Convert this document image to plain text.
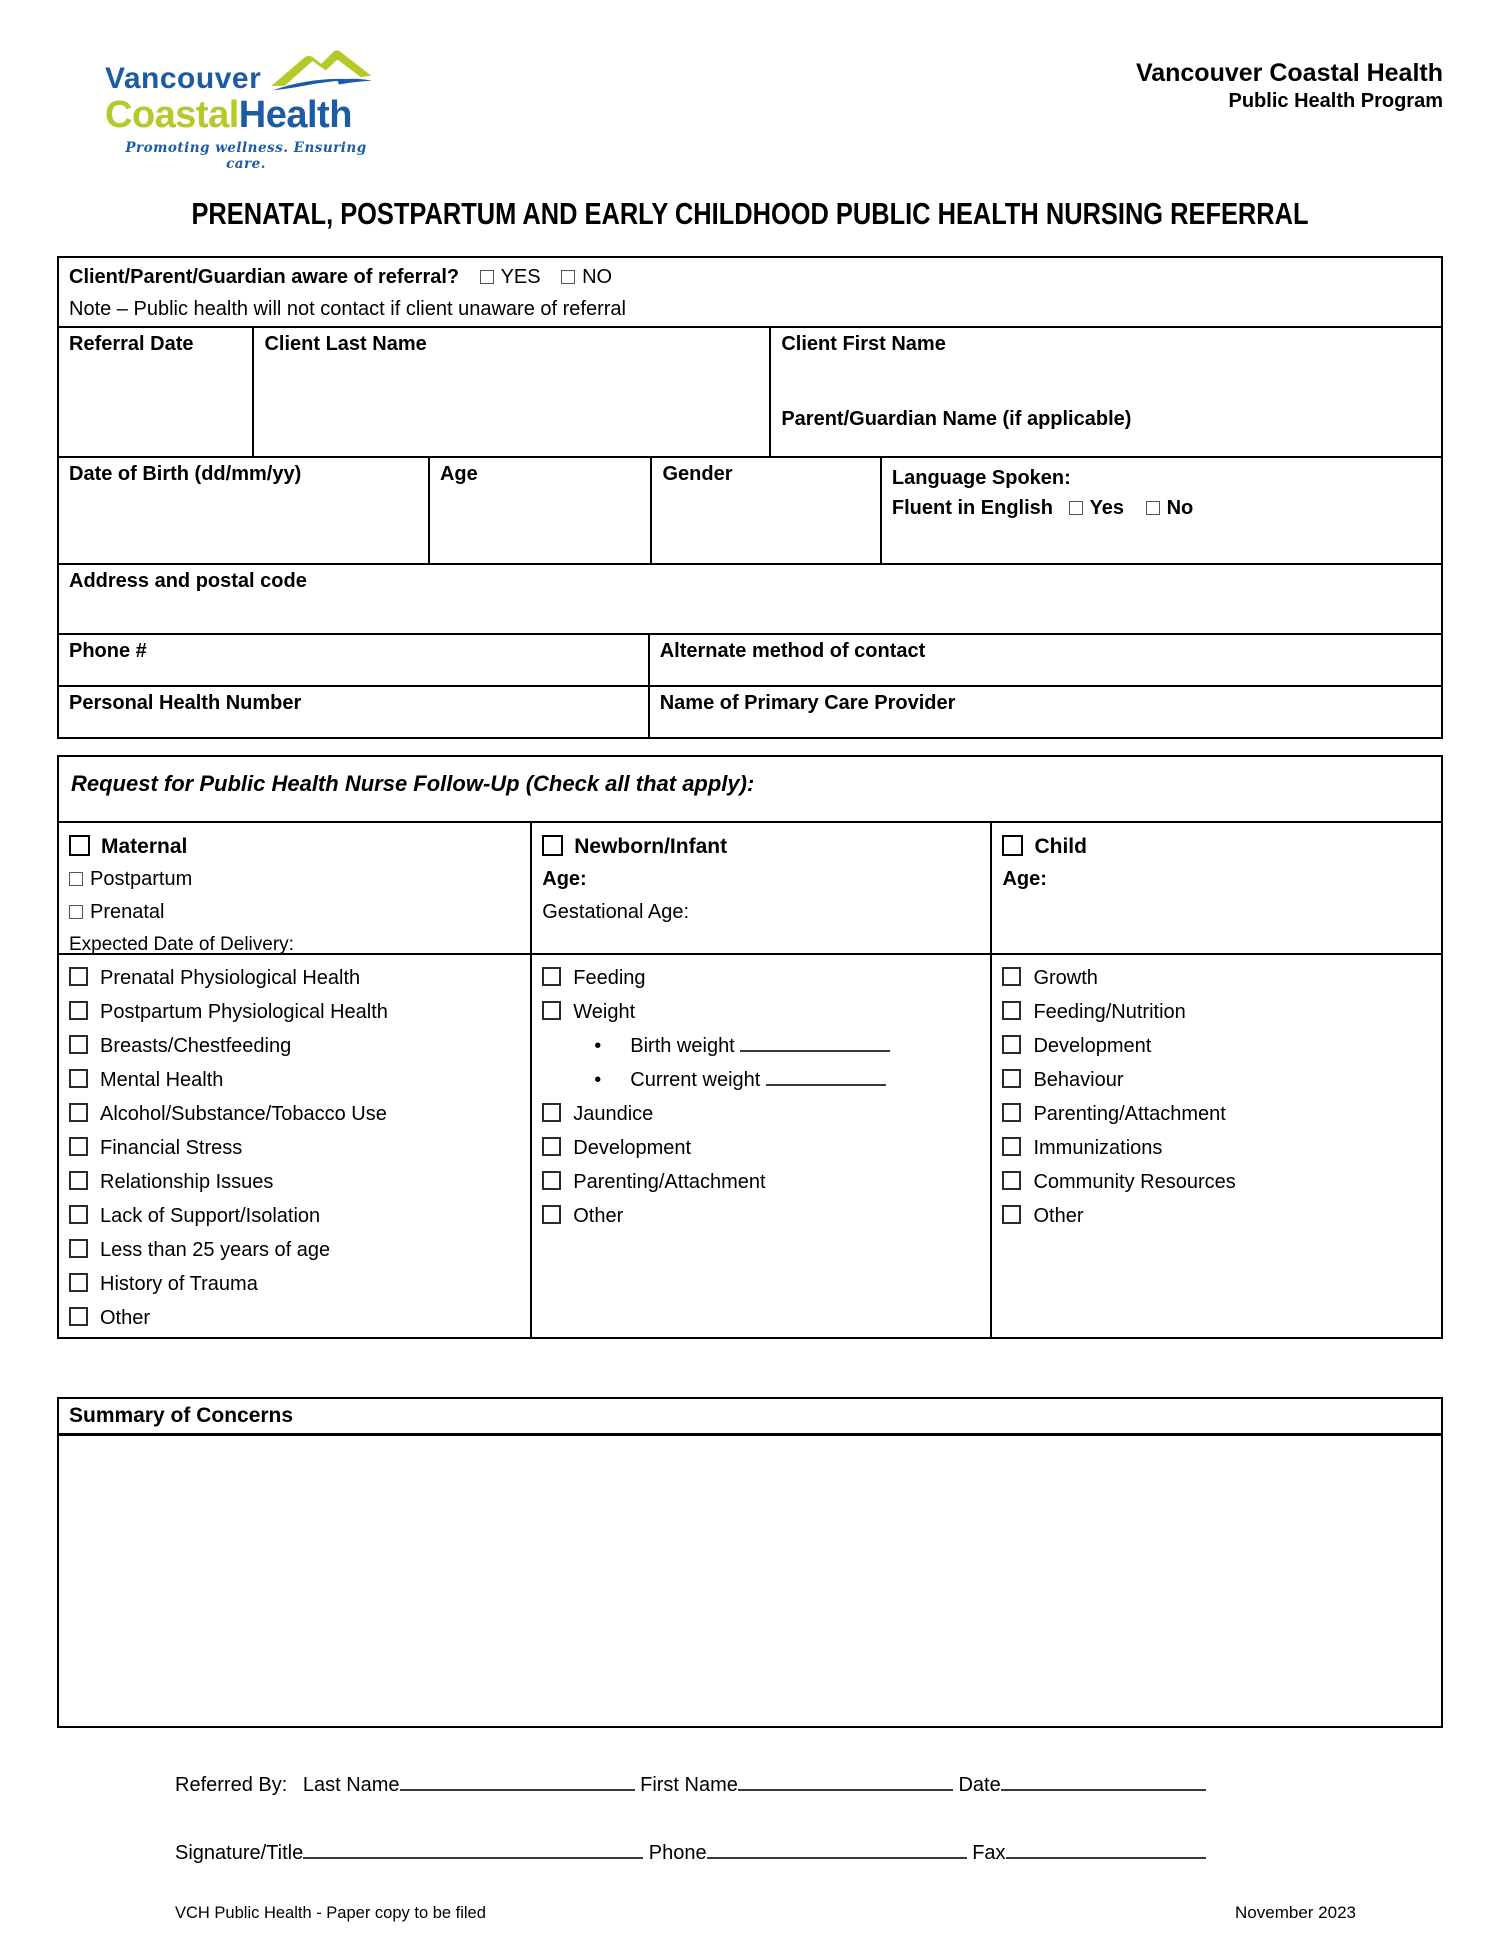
Vancouver
CoastalHealth
Promoting wellness. Ensuring care.
Vancouver Coastal Health
Public Health Program
PRENATAL, POSTPARTUM AND EARLY CHILDHOOD PUBLIC HEALTH NURSING REFERRAL
Client/Parent/Guardian aware of referral? YES NO
Note – Public health will not contact if client unaware of referral
Referral Date	Client Last Name	Client First Name
Parent/Guardian Name (if applicable)
Date of Birth (dd/mm/yy)	Age	Gender	Language Spoken:
Fluent in English Yes No
Address and postal code
Phone #	Alternate method of contact
Personal Health Number	Name of Primary Care Provider
Request for Public Health Nurse Follow-Up (Check all that apply):
Maternal
Postpartum
Prenatal
Expected Date of Delivery:
Newborn/Infant
Age:
Gestational Age:
Child
Age:
Prenatal Physiological Health
Postpartum Physiological Health
Breasts/Chestfeeding
Mental Health
Alcohol/Substance/Tobacco Use
Financial Stress
Relationship Issues
Lack of Support/Isolation
Less than 25 years of age
History of Trauma
Other
Feeding
Weight
• Birth weight
• Current weight
Jaundice
Development
Parenting/Attachment
Other
Growth
Feeding/Nutrition
Development
Behaviour
Parenting/Attachment
Immunizations
Community Resources
Other
Summary of Concerns
Referred By: Last Name	First Name	Date
Signature/Title	Phone	Fax
VCH Public Health - Paper copy to be filed	November 2023
